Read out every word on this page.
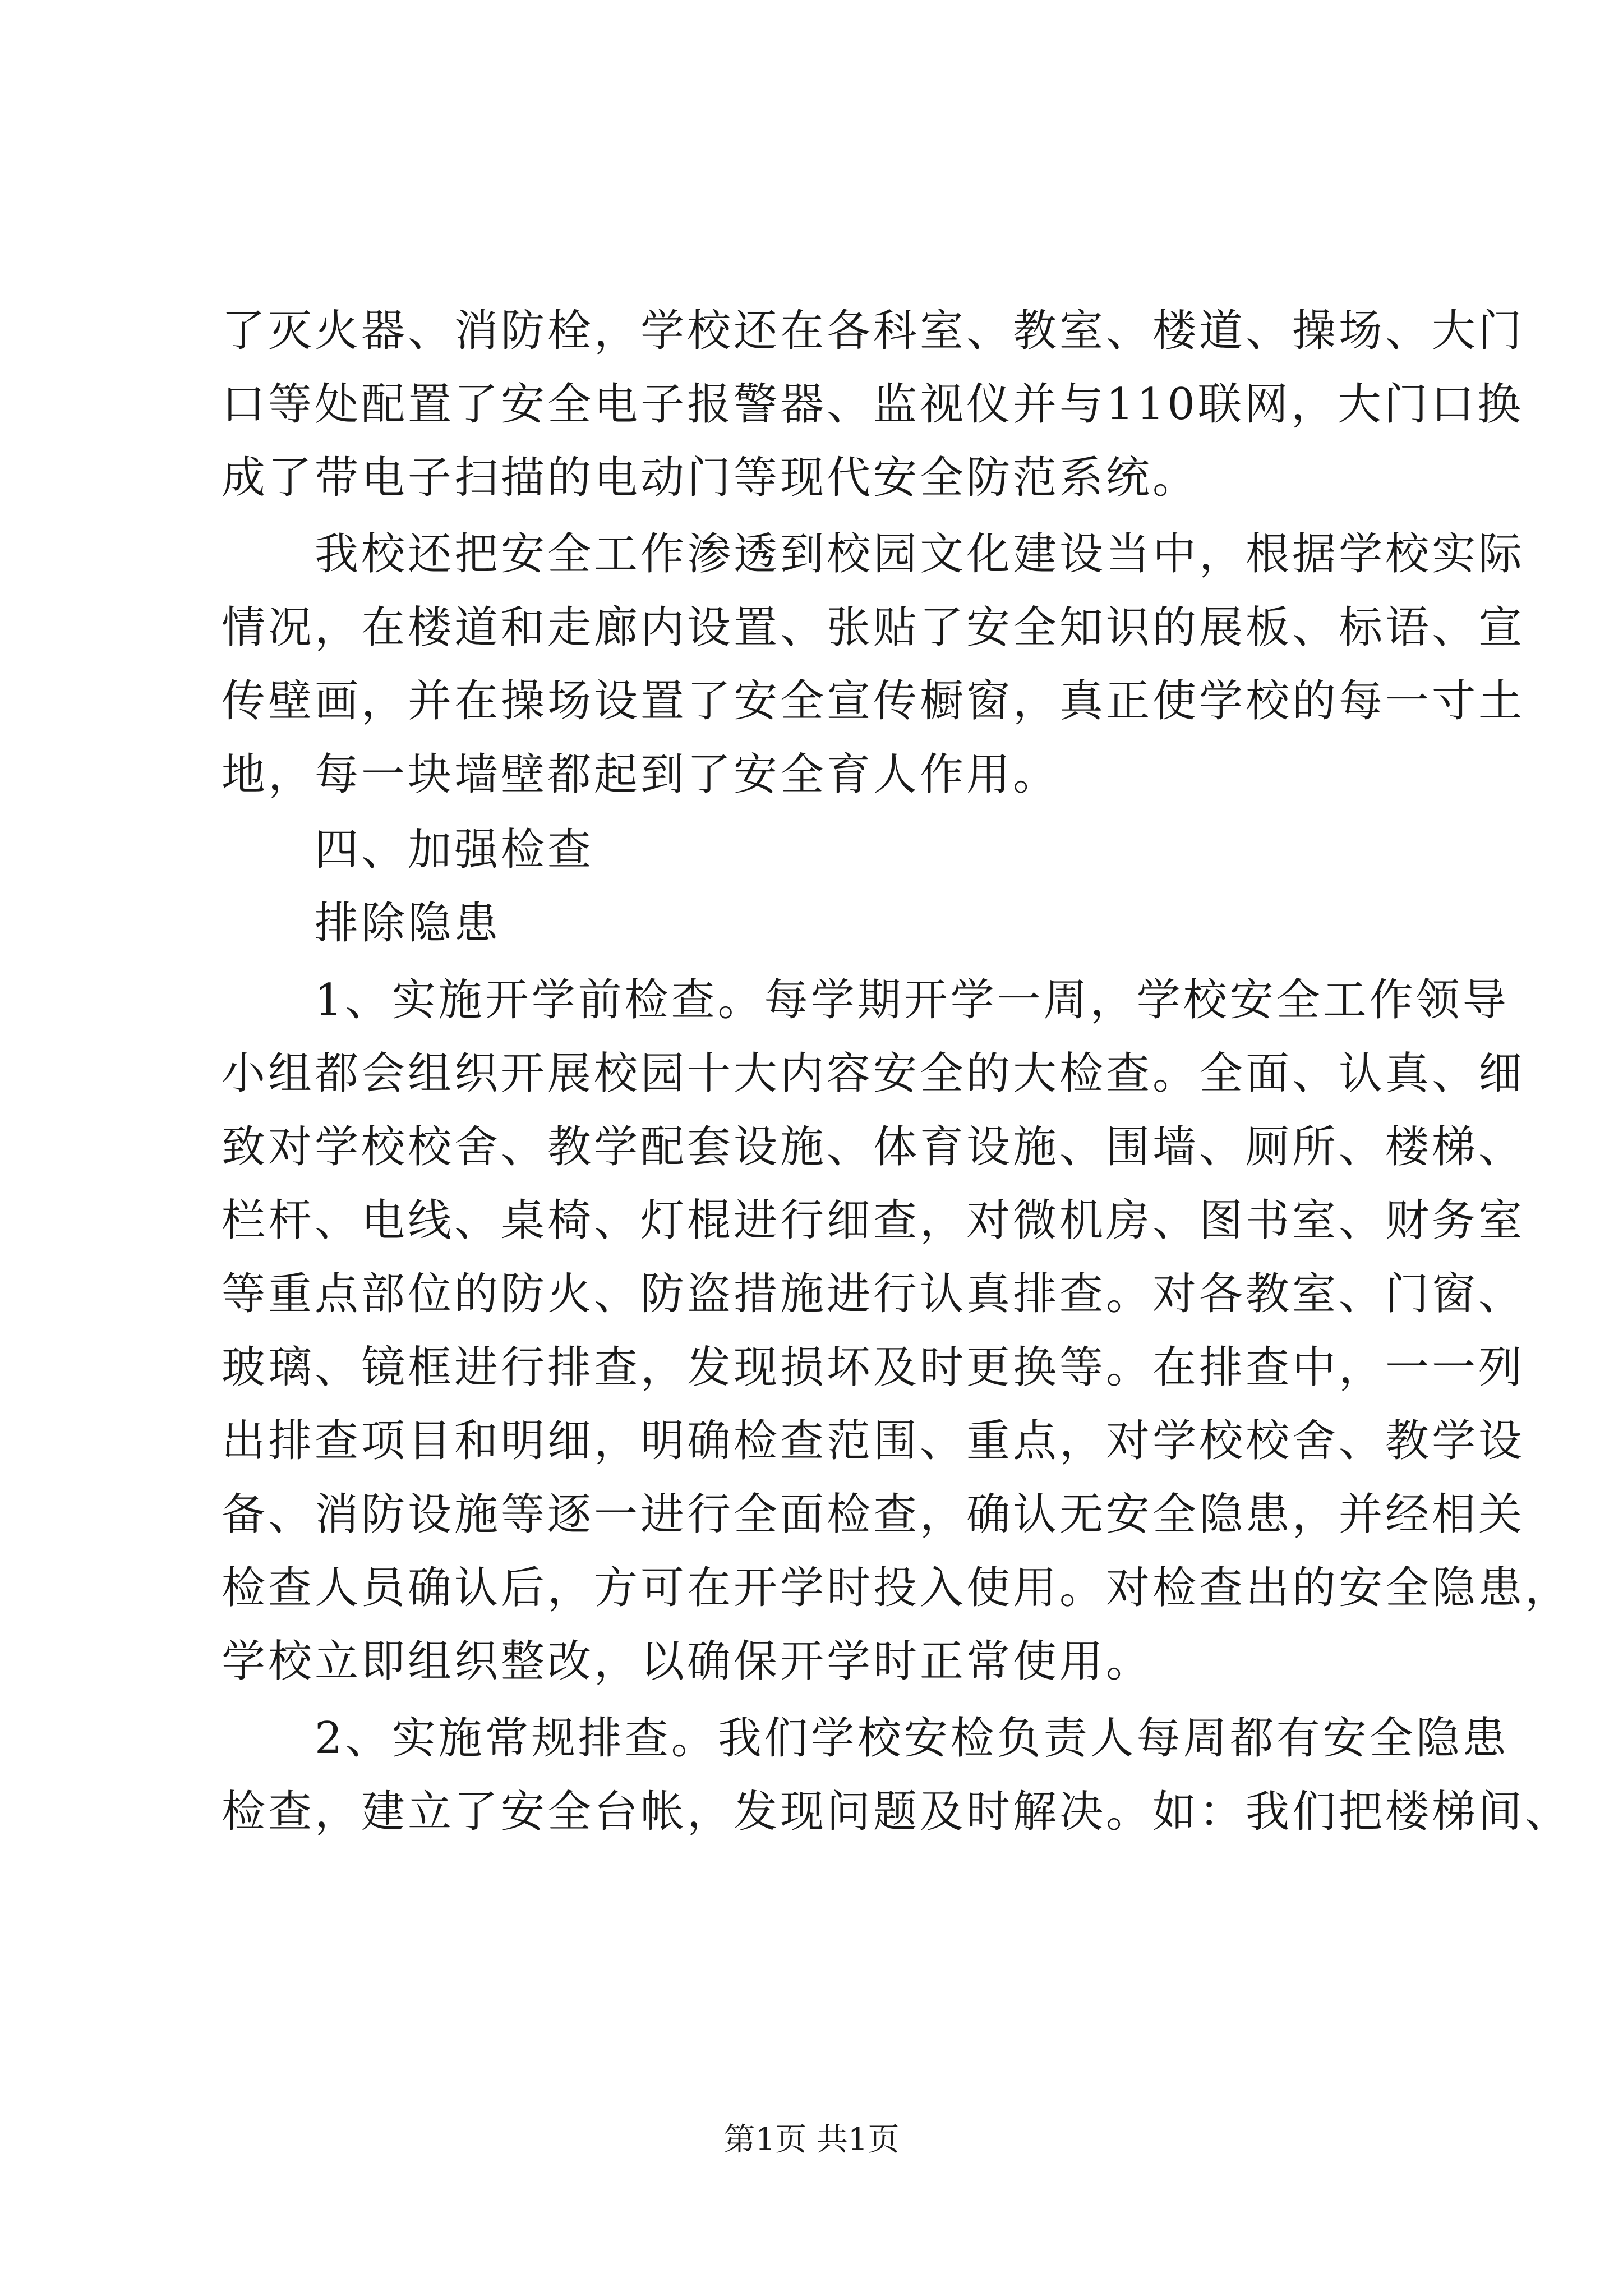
了灭火器、消防栓，学校还在各科室、教室、楼道、操场、大门
口等处配置了安全电子报警器、监视仪并与110联网，大门口换
成了带电子扫描的电动门等现代安全防范系统。
　　我校还把安全工作渗透到校园文化建设当中，根据学校实际
情况，在楼道和走廊内设置、张贴了安全知识的展板、标语、宣
传壁画，并在操场设置了安全宣传橱窗，真正使学校的每一寸土
地，每一块墙壁都起到了安全育人作用。
　　四、加强检查
　　排除隐患
　　1、实施开学前检查。每学期开学一周，学校安全工作领导
小组都会组织开展校园十大内容安全的大检查。全面、认真、细
致对学校校舍、教学配套设施、体育设施、围墙、厕所、楼梯、
栏杆、电线、桌椅、灯棍进行细查，对微机房、图书室、财务室
等重点部位的防火、防盗措施进行认真排查。对各教室、门窗、
玻璃、镜框进行排查，发现损坏及时更换等。在排查中，一一列
出排查项目和明细，明确检查范围、重点，对学校校舍、教学设
备、消防设施等逐一进行全面检查，确认无安全隐患，并经相关
检查人员确认后，方可在开学时投入使用。对检查出的安全隐患，
学校立即组织整改，以确保开学时正常使用。
　　2、实施常规排查。我们学校安检负责人每周都有安全隐患
检查，建立了安全台帐，发现问题及时解决。如：我们把楼梯间、
第1页 共1页
